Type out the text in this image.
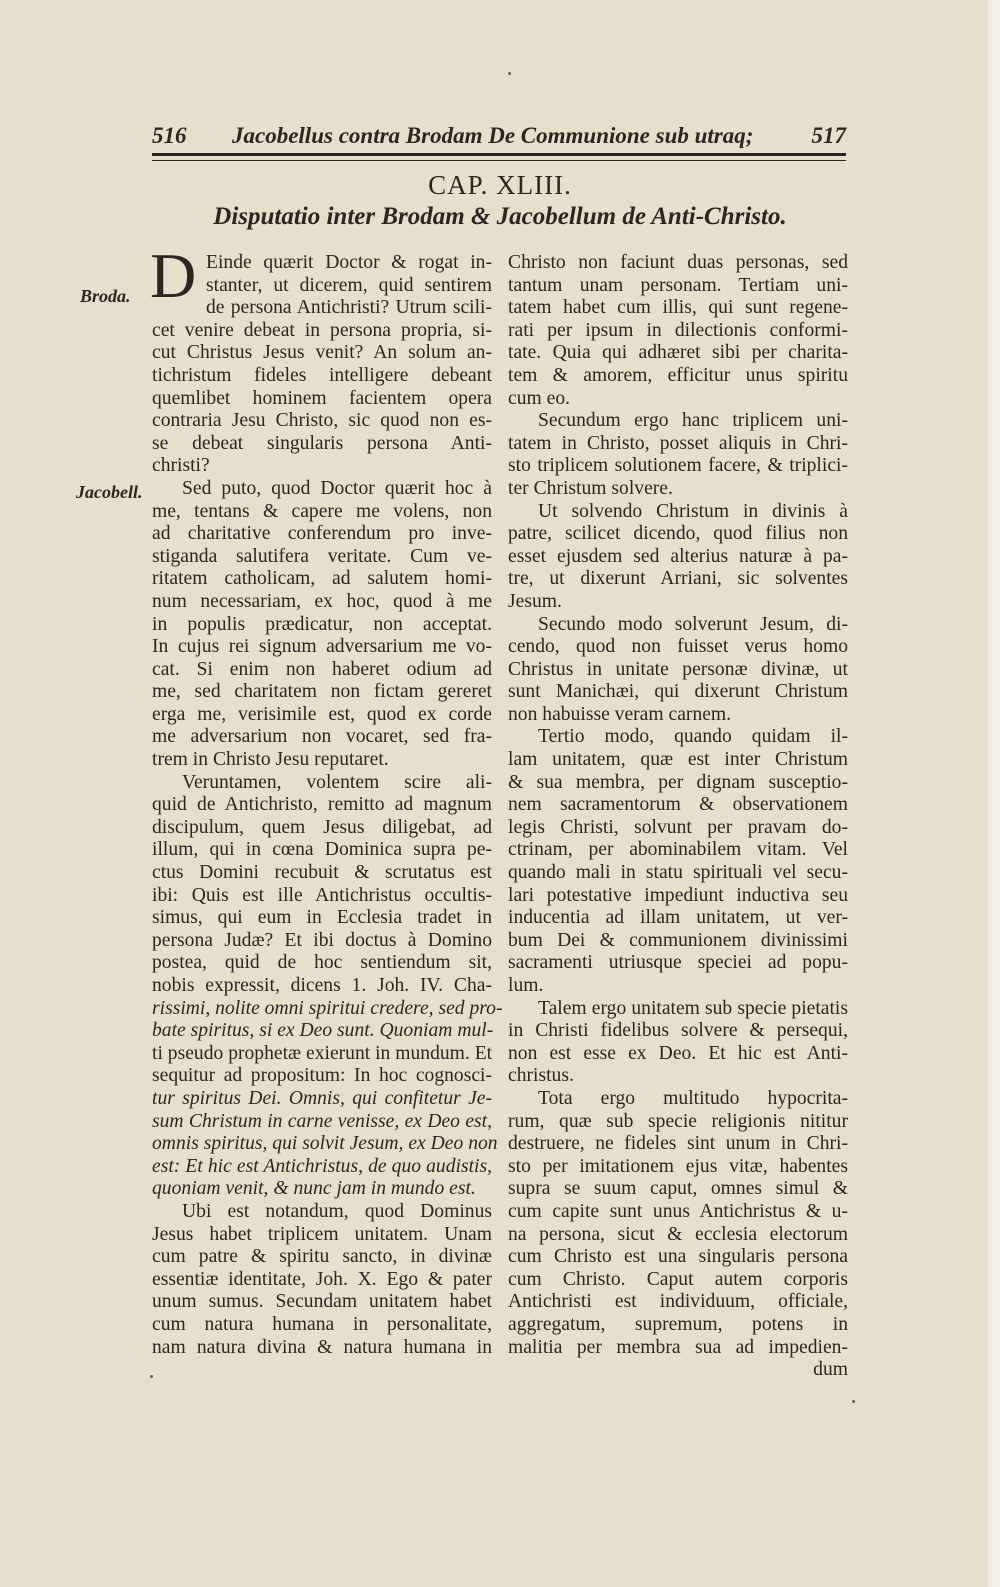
516 Jacobellus contra Brodam De Communione sub utraq;	517
CAP. XLIII.
Disputatio inter Brodam & Jacobellum de Anti-Christo.
D
Broda.
Jacobell.
Einde quærit Doctor & rogat in-
stanter, ut dicerem, quid sentirem
de persona Antichristi? Utrum scili-
cet venire debeat in persona propria, si-
cut Christus Jesus venit? An solum an-
tichristum fideles intelligere debeant
quemlibet hominem facientem opera
contraria Jesu Christo, sic quod non es-
se debeat singularis persona Anti-
christi?
Sed puto, quod Doctor quærit hoc à
me, tentans & capere me volens, non
ad charitative conferendum pro inve-
stiganda salutifera veritate. Cum ve-
ritatem catholicam, ad salutem homi-
num necessariam, ex hoc, quod à me
in populis prædicatur, non acceptat.
In cujus rei signum adversarium me vo-
cat. Si enim non haberet odium ad
me, sed charitatem non fictam gereret
erga me, verisimile est, quod ex corde
me adversarium non vocaret, sed fra-
trem in Christo Jesu reputaret.
Veruntamen, volentem scire ali-
quid de Antichristo, remitto ad magnum
discipulum, quem Jesus diligebat, ad
illum, qui in cœna Dominica supra pe-
ctus Domini recubuit & scrutatus est
ibi: Quis est ille Antichristus occultis-
simus, qui eum in Ecclesia tradet in
persona Judæ? Et ibi doctus à Domino
postea, quid de hoc sentiendum sit,
nobis expressit, dicens 1. Joh. IV. Cha-
rissimi, nolite omni spiritui credere, sed pro-
bate spiritus, si ex Deo sunt. Quoniam mul-
ti pseudo prophetæ exierunt in mundum. Et
sequitur ad propositum: In hoc cognosci-
tur spiritus Dei. Omnis, qui confitetur Je-
sum Christum in carne venisse, ex Deo est,
omnis spiritus, qui solvit Jesum, ex Deo non
est: Et hic est Antichristus, de quo audistis,
quoniam venit, & nunc jam in mundo est.
Ubi est notandum, quod Dominus
Jesus habet triplicem unitatem. Unam
cum patre & spiritu sancto, in divinæ
essentiæ identitate, Joh. X. Ego & pater
unum sumus. Secundam unitatem habet
cum natura humana in personalitate,
nam natura divina & natura humana in
Christo non faciunt duas personas, sed
tantum unam personam. Tertiam uni-
tatem habet cum illis, qui sunt regene-
rati per ipsum in dilectionis conformi-
tate. Quia qui adhæret sibi per charita-
tem & amorem, efficitur unus spiritu
cum eo.
Secundum ergo hanc triplicem uni-
tatem in Christo, posset aliquis in Chri-
sto triplicem solutionem facere, & triplici-
ter Christum solvere.
Ut solvendo Christum in divinis à
patre, scilicet dicendo, quod filius non
esset ejusdem sed alterius naturæ à pa-
tre, ut dixerunt Arriani, sic solventes
Jesum.
Secundo modo solverunt Jesum, di-
cendo, quod non fuisset verus homo
Christus in unitate personæ divinæ, ut
sunt Manichæi, qui dixerunt Christum
non habuisse veram carnem.
Tertio modo, quando quidam il-
lam unitatem, quæ est inter Christum
& sua membra, per dignam susceptio-
nem sacramentorum & observationem
legis Christi, solvunt per pravam do-
ctrinam, per abominabilem vitam. Vel
quando mali in statu spirituali vel secu-
lari potestative impediunt inductiva seu
inducentia ad illam unitatem, ut ver-
bum Dei & communionem divinissimi
sacramenti utriusque speciei ad popu-
lum.
Talem ergo unitatem sub specie pietatis
in Christi fidelibus solvere & persequi,
non est esse ex Deo. Et hic est Anti-
christus.
Tota ergo multitudo hypocrita-
rum, quæ sub specie religionis nititur
destruere, ne fideles sint unum in Chri-
sto per imitationem ejus vitæ, habentes
supra se suum caput, omnes simul &
cum capite sunt unus Antichristus & u-
na persona, sicut & ecclesia electorum
cum Christo est una singularis persona
cum Christo. Caput autem corporis
Antichristi est individuum, officiale,
aggregatum, supremum, potens in
malitia per membra sua ad impedien-
dum
